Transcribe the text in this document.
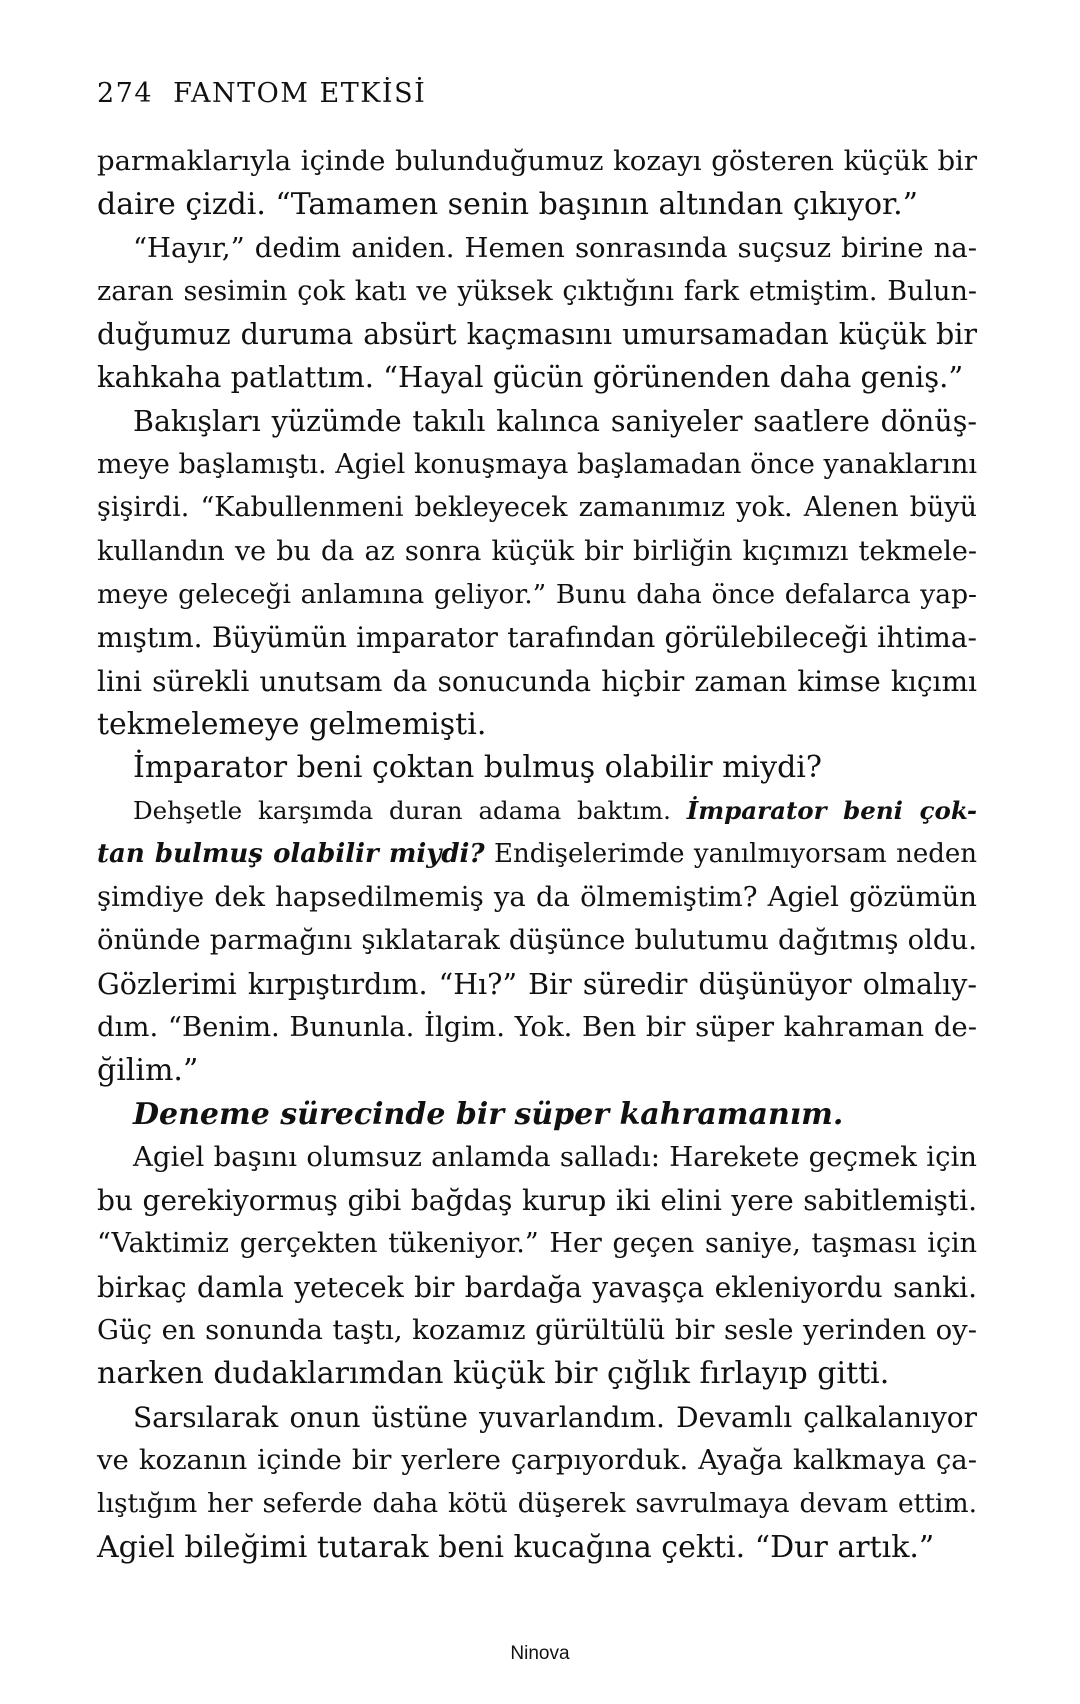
274 FANTOM ETKİSİ
parmaklarıyla içinde bulunduğumuz kozayı gösteren küçük bir
daire çizdi. “Tamamen senin başının altından çıkıyor.”
“Hayır,” dedim aniden. Hemen sonrasında suçsuz birine na-
zaran sesimin çok katı ve yüksek çıktığını fark etmiştim. Bulun-
duğumuz duruma absürt kaçmasını umursamadan küçük bir
kahkaha patlattım. “Hayal gücün görünenden daha geniş.”
Bakışları yüzümde takılı kalınca saniyeler saatlere dönüş-
meye başlamıştı. Agiel konuşmaya başlamadan önce yanaklarını
şişirdi. “Kabullenmeni bekleyecek zamanımız yok. Alenen büyü
kullandın ve bu da az sonra küçük bir birliğin kıçımızı tekmele-
meye geleceği anlamına geliyor.” Bunu daha önce defalarca yap-
mıştım. Büyümün imparator tarafından görülebileceği ihtima-
lini sürekli unutsam da sonucunda hiçbir zaman kimse kıçımı
tekmelemeye gelmemişti.
İmparator beni çoktan bulmuş olabilir miydi?
Dehşetle karşımda duran adama baktım. İmparator beni çok-
tan bulmuş olabilir miydi? Endişelerimde yanılmıyorsam neden
şimdiye dek hapsedilmemiş ya da ölmemiştim? Agiel gözümün
önünde parmağını şıklatarak düşünce bulutumu dağıtmış oldu.
Gözlerimi kırpıştırdım. “Hı?” Bir süredir düşünüyor olmalıy-
dım. “Benim. Bununla. İlgim. Yok. Ben bir süper kahraman de-
ğilim.”
Deneme sürecinde bir süper kahramanım.
Agiel başını olumsuz anlamda salladı: Harekete geçmek için
bu gerekiyormuş gibi bağdaş kurup iki elini yere sabitlemişti.
“Vaktimiz gerçekten tükeniyor.” Her geçen saniye, taşması için
birkaç damla yetecek bir bardağa yavaşça ekleniyordu sanki.
Güç en sonunda taştı, kozamız gürültülü bir sesle yerinden oy-
narken dudaklarımdan küçük bir çığlık fırlayıp gitti.
Sarsılarak onun üstüne yuvarlandım. Devamlı çalkalanıyor
ve kozanın içinde bir yerlere çarpıyorduk. Ayağa kalkmaya ça-
lıştığım her seferde daha kötü düşerek savrulmaya devam ettim.
Agiel bileğimi tutarak beni kucağına çekti. “Dur artık.”
Ninova
